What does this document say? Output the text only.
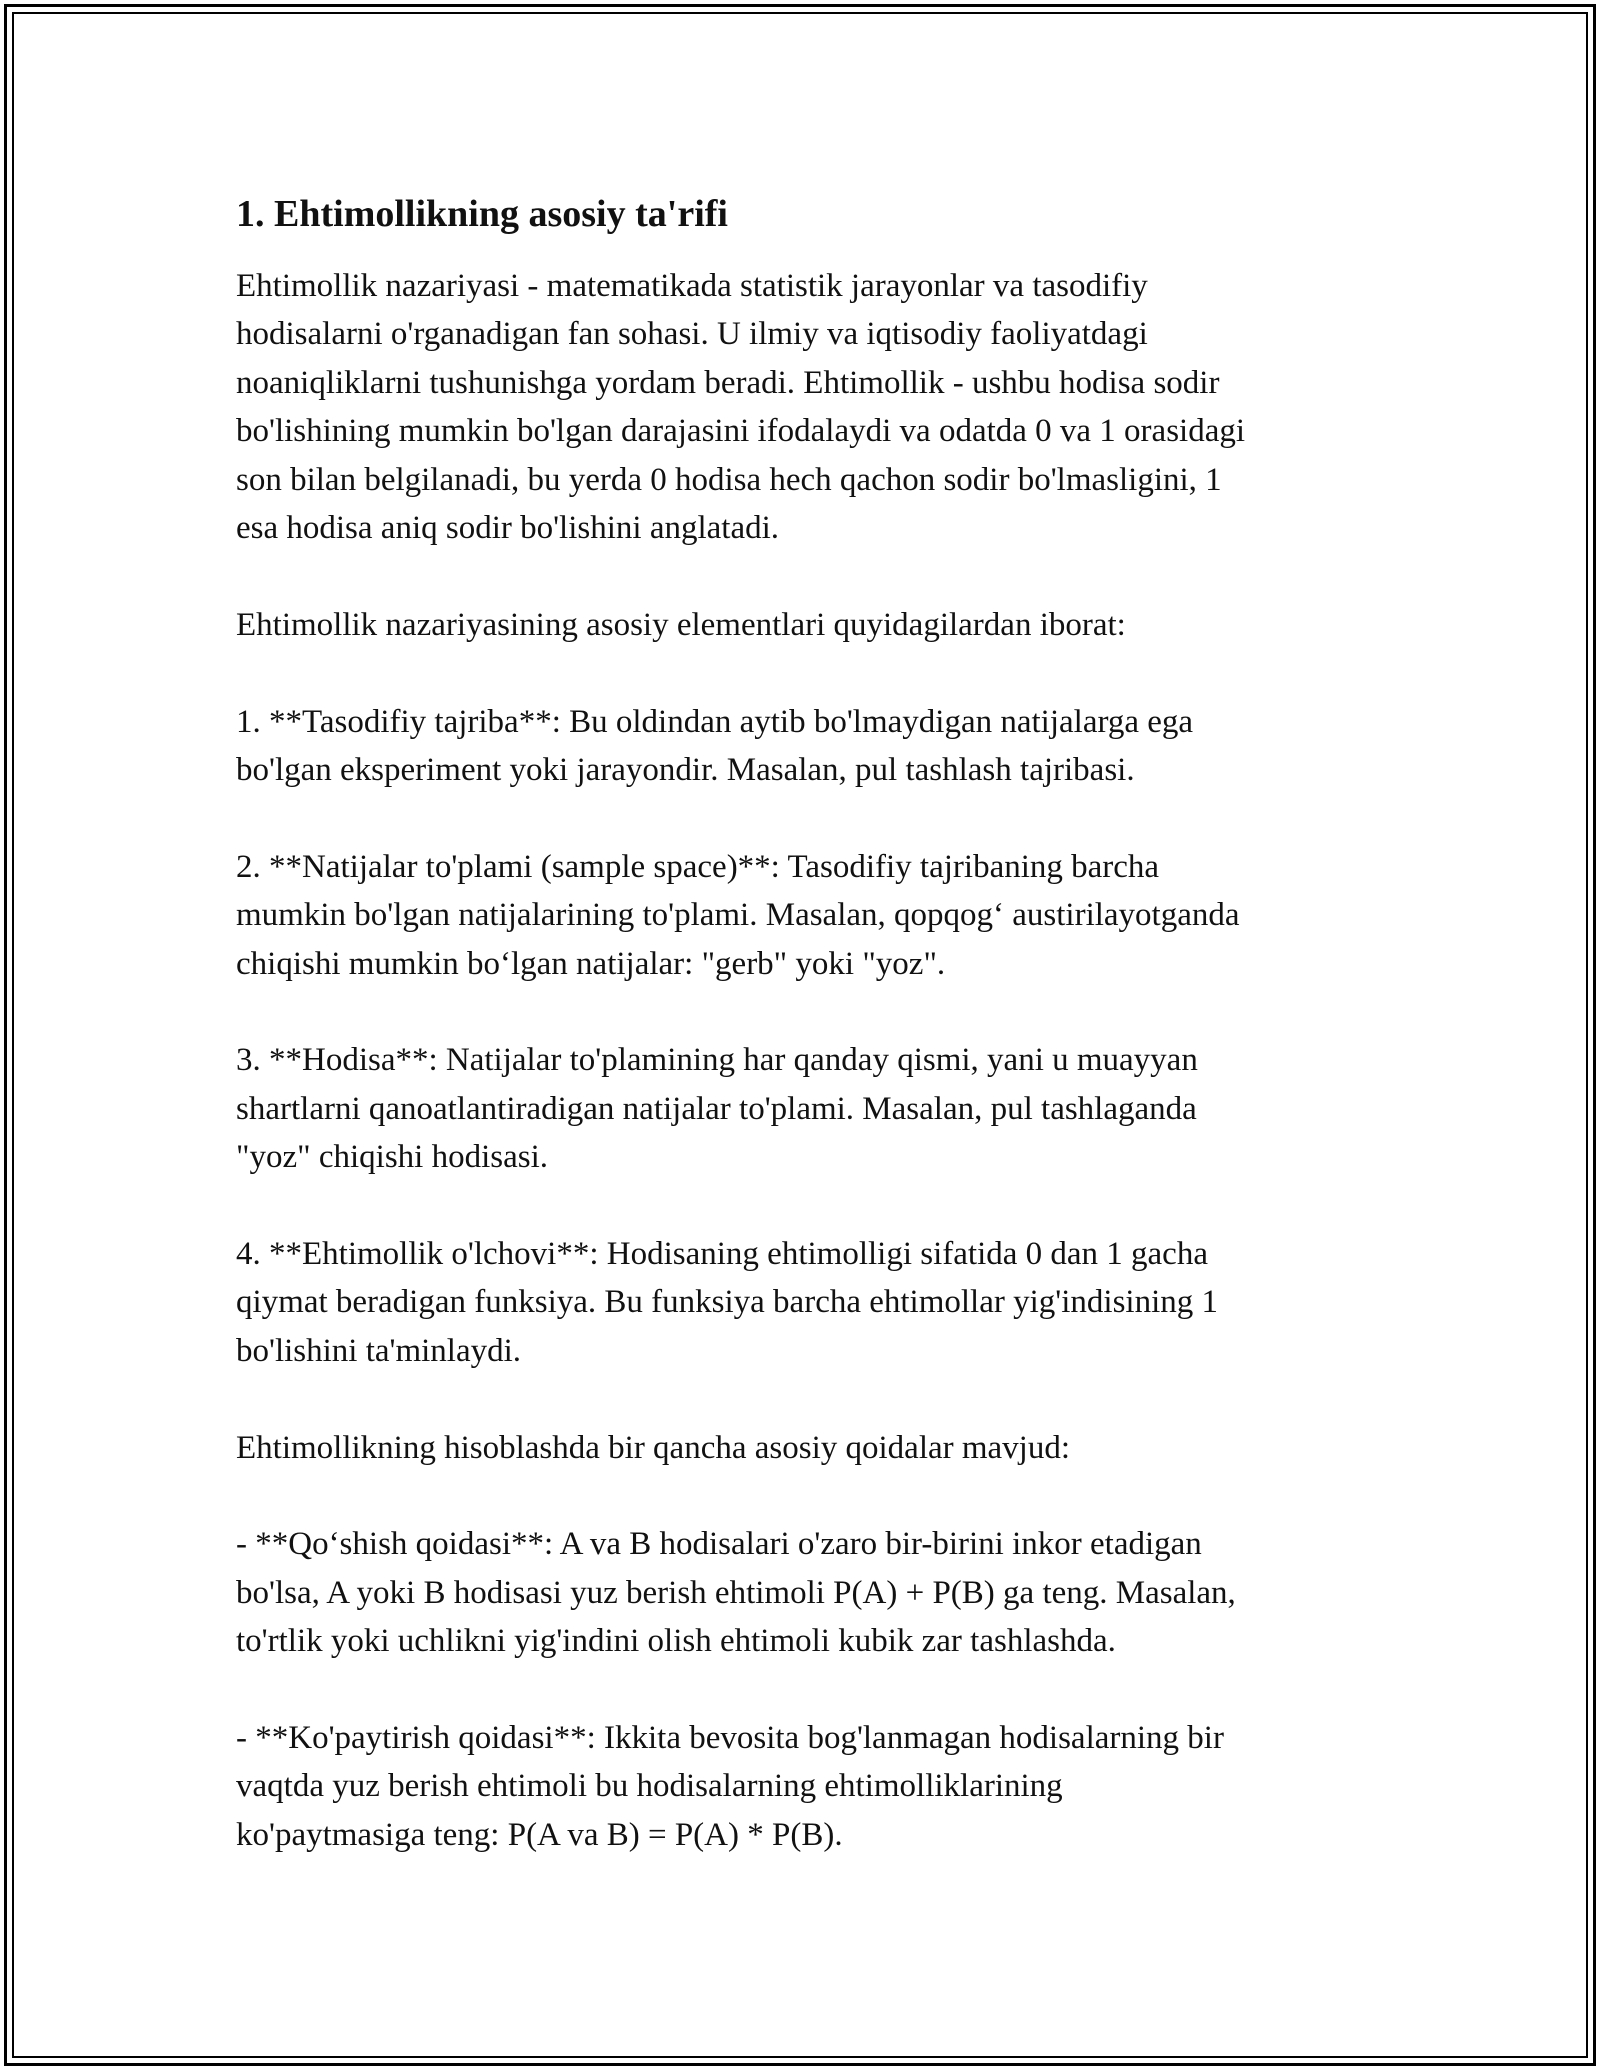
1. Ehtimollikning asosiy ta'rifi
Ehtimollik nazariyasi - matematikada statistik jarayonlar va tasodifiy
hodisalarni o'rganadigan fan sohasi. U ilmiy va iqtisodiy faoliyatdagi
noaniqliklarni tushunishga yordam beradi. Ehtimollik - ushbu hodisa sodir
bo'lishining mumkin bo'lgan darajasini ifodalaydi va odatda 0 va 1 orasidagi
son bilan belgilanadi, bu yerda 0 hodisa hech qachon sodir bo'lmasligini, 1
esa hodisa aniq sodir bo'lishini anglatadi.
Ehtimollik nazariyasining asosiy elementlari quyidagilardan iborat:
1. **Tasodifiy tajriba**: Bu oldindan aytib bo'lmaydigan natijalarga ega
bo'lgan eksperiment yoki jarayondir. Masalan, pul tashlash tajribasi.
2. **Natijalar to'plami (sample space)**: Tasodifiy tajribaning barcha
mumkin bo'lgan natijalarining to'plami. Masalan, qopqog‘ austirilayotganda
chiqishi mumkin bo‘lgan natijalar: "gerb" yoki "yoz".
3. **Hodisa**: Natijalar to'plamining har qanday qismi, yani u muayyan
shartlarni qanoatlantiradigan natijalar to'plami. Masalan, pul tashlaganda
"yoz" chiqishi hodisasi.
4. **Ehtimollik o'lchovi**: Hodisaning ehtimolligi sifatida 0 dan 1 gacha
qiymat beradigan funksiya. Bu funksiya barcha ehtimollar yig'indisining 1
bo'lishini ta'minlaydi.
Ehtimollikning hisoblashda bir qancha asosiy qoidalar mavjud:
- **Qo‘shish qoidasi**: A va B hodisalari o'zaro bir-birini inkor etadigan
bo'lsa, A yoki B hodisasi yuz berish ehtimoli P(A) + P(B) ga teng. Masalan,
to'rtlik yoki uchlikni yig'indini olish ehtimoli kubik zar tashlashda.
- **Ko'paytirish qoidasi**: Ikkita bevosita bog'lanmagan hodisalarning bir
vaqtda yuz berish ehtimoli bu hodisalarning ehtimolliklarining
ko'paytmasiga teng: P(A va B) = P(A) * P(B).
